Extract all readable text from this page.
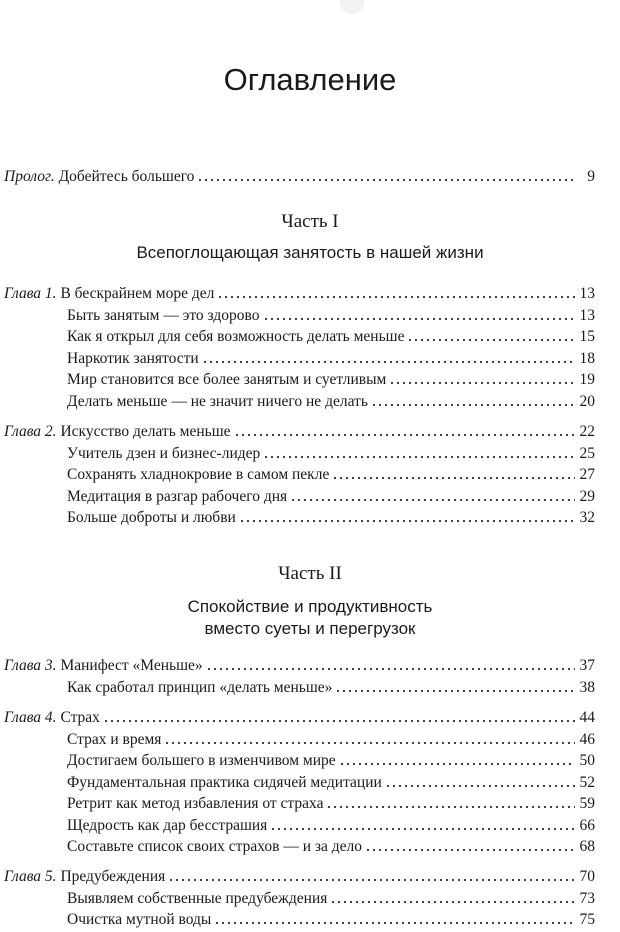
Оглавление
Пролог. Добейтесь большего	9
Часть I
Всепоглощающая занятость в нашей жизни
Часть II
Спокойствие и продуктивность
вместо суеты и перегрузок
Глава 1. В бескрайнем море дел	13
Быть занятым — это здорово	13
Как я открыл для себя возможность делать меньше	15
Наркотик занятости	18
Мир становится все более занятым и суетливым	19
Делать меньше — не значит ничего не делать	20
Глава 2. Искусство делать меньше	22
Учитель дзен и бизнес-лидер	25
Сохранять хладнокровие в самом пекле	27
Медитация в разгар рабочего дня	29
Больше доброты и любви	32
Глава 3. Манифест «Меньше»	37
Как сработал принцип «делать меньше»	38
Глава 4. Страх	44
Страх и время	46
Достигаем большего в изменчивом мире	50
Фундаментальная практика сидячей медитации	52
Ретрит как метод избавления от страха	59
Щедрость как дар бесстрашия	66
Составьте список своих страхов — и за дело	68
Глава 5. Предубеждения	70
Выявляем собственные предубеждения	73
Очистка мутной воды	75
